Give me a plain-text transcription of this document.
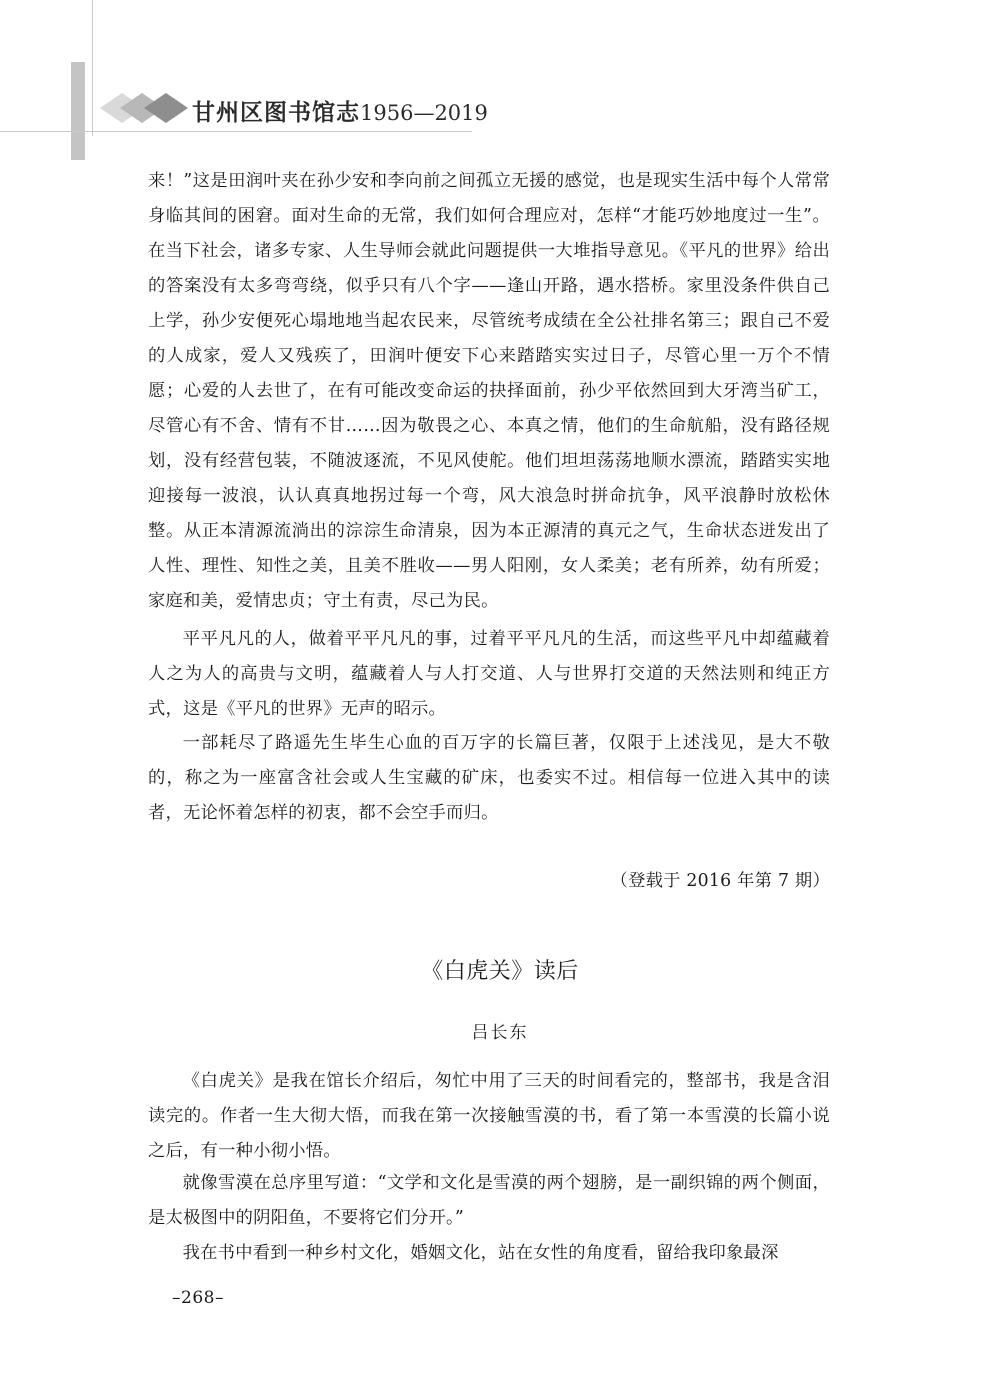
甘州区图书馆志1956—2019

来！”这是田润叶夹在孙少安和李向前之间孤立无援的感觉，也是现实生活中每个人常常身临其间的困窘。面对生命的无常，我们如何合理应对，怎样“才能巧妙地度过一生”。在当下社会，诸多专家、人生导师会就此问题提供一大堆指导意见。《平凡的世界》给出的答案没有太多弯弯绕，似乎只有八个字——逢山开路，遇水搭桥。家里没条件供自己上学，孙少安便死心塌地地当起农民来，尽管统考成绩在全公社排名第三；跟自己不爱的人成家，爱人又残疾了，田润叶便安下心来踏踏实实过日子，尽管心里一万个不情愿；心爱的人去世了，在有可能改变命运的抉择面前，孙少平依然回到大牙湾当矿工，尽管心有不舍、情有不甘……因为敬畏之心、本真之情，他们的生命航船，没有路径规划，没有经营包装，不随波逐流，不见风使舵。他们坦坦荡荡地顺水漂流，踏踏实实地迎接每一波浪，认认真真地拐过每一个弯，风大浪急时拼命抗争，风平浪静时放松休整。从正本清源流淌出的淙淙生命清泉，因为本正源清的真元之气，生命状态迸发出了人性、理性、知性之美，且美不胜收——男人阳刚，女人柔美；老有所养，幼有所爱；家庭和美，爱情忠贞；守土有责，尽己为民。

平平凡凡的人，做着平平凡凡的事，过着平平凡凡的生活，而这些平凡中却蕴藏着人之为人的高贵与文明，蕴藏着人与人打交道、人与世界打交道的天然法则和纯正方式，这是《平凡的世界》无声的昭示。

一部耗尽了路遥先生毕生心血的百万字的长篇巨著，仅限于上述浅见，是大不敬的，称之为一座富含社会或人生宝藏的矿床，也委实不过。相信每一位进入其中的读者，无论怀着怎样的初衷，都不会空手而归。

（登载于 2016 年第 7 期）
《白虎关》读后
吕长东

《白虎关》是我在馆长介绍后，匆忙中用了三天的时间看完的，整部书，我是含泪读完的。作者一生大彻大悟，而我在第一次接触雪漠的书，看了第一本雪漠的长篇小说之后，有一种小彻小悟。

就像雪漠在总序里写道：“文学和文化是雪漠的两个翅膀，是一副织锦的两个侧面，是太极图中的阴阳鱼，不要将它们分开。”

我在书中看到一种乡村文化，婚姻文化，站在女性的角度看，留给我印象最深

–268–
